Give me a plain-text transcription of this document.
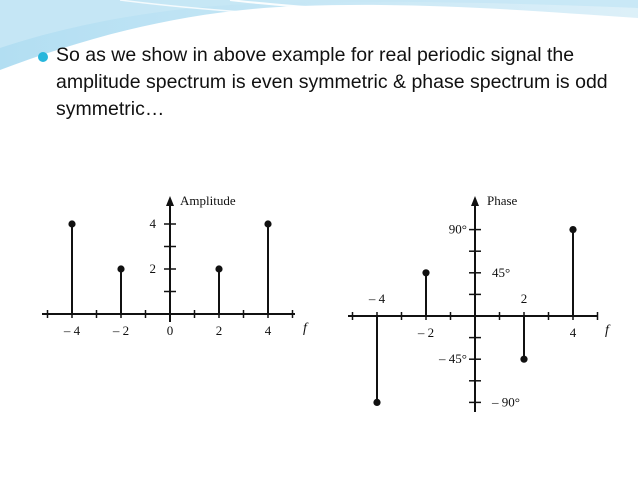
So as we show in above example for real periodic signal the amplitude spectrum is even symmetric & phase spectrum is odd symmetric…
– 4	– 2	0	2	4
2
4
Amplitude
f
– 4
– 2
2
4
90°
45°
– 45°
– 90°
Phase
f
